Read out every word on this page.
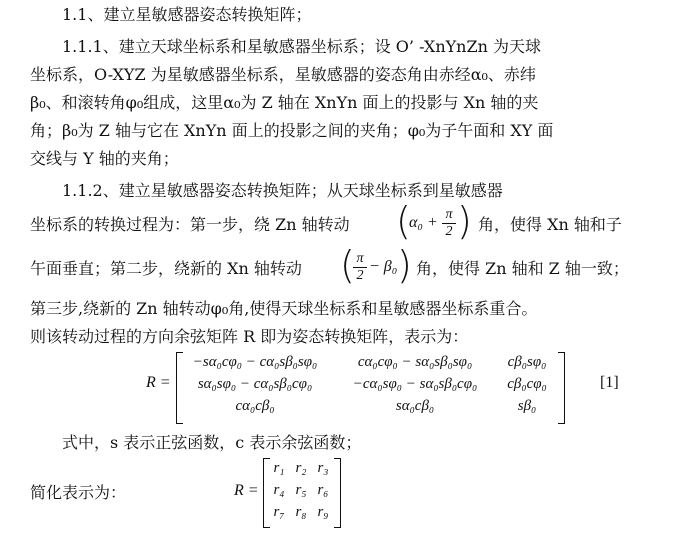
1.1、建立星敏感器姿态转换矩阵；
1.1.1、建立天球坐标系和星敏感器坐标系；设 O’ -XnYnZn 为天球
坐标系，O-XYZ 为星敏感器坐标系，星敏感器的姿态角由赤经α₀、赤纬
β₀、和滚转角φ₀组成，这里α₀为 Z 轴在 XnYn 面上的投影与 Xn 轴的夹
角；β₀为 Z 轴与它在 XnYn 面上的投影之间的夹角；φ₀为子午面和 XY 面
交线与 Y 轴的夹角；
1.1.2、建立星敏感器姿态转换矩阵；从天球坐标系到星敏感器
坐标系的转换过程为：第一步，绕 Zn 轴转动 (
$\alpha_0 + \frac{\pi}{2}$ ) 角，使得 Xn 轴和子
午面垂直；第二步，绕新的 Xn 轴转动 (
$\frac{\pi}{2} - \beta_0$ ) 角，使得 Zn 轴和 Z 轴一致；
第三步,绕新的 Zn 轴转动φ₀角,使得天球坐标系和星敏感器坐标系重合。
则该转动过程的方向余弦矩阵 R 即为姿态转换矩阵，表示为：
R =
−sα₀cφ₀ − cα₀sβ₀sφ₀	cα₀cφ₀ − sα₀sβ₀sφ₀	cβ₀sφ₀
sα₀sφ₀ − cα₀sβ₀cφ₀	−cα₀sφ₀ − sα₀sβ₀cφ₀	cβ₀cφ₀
cα₀cβ₀	sα₀cβ₀	sβ₀
[1]
式中，s 表示正弦函数，c 表示余弦函数；
简化表示为：	R =
r₁ r₂ r₃
r₄ r₅ r₆
r₇ r₈ r₉
